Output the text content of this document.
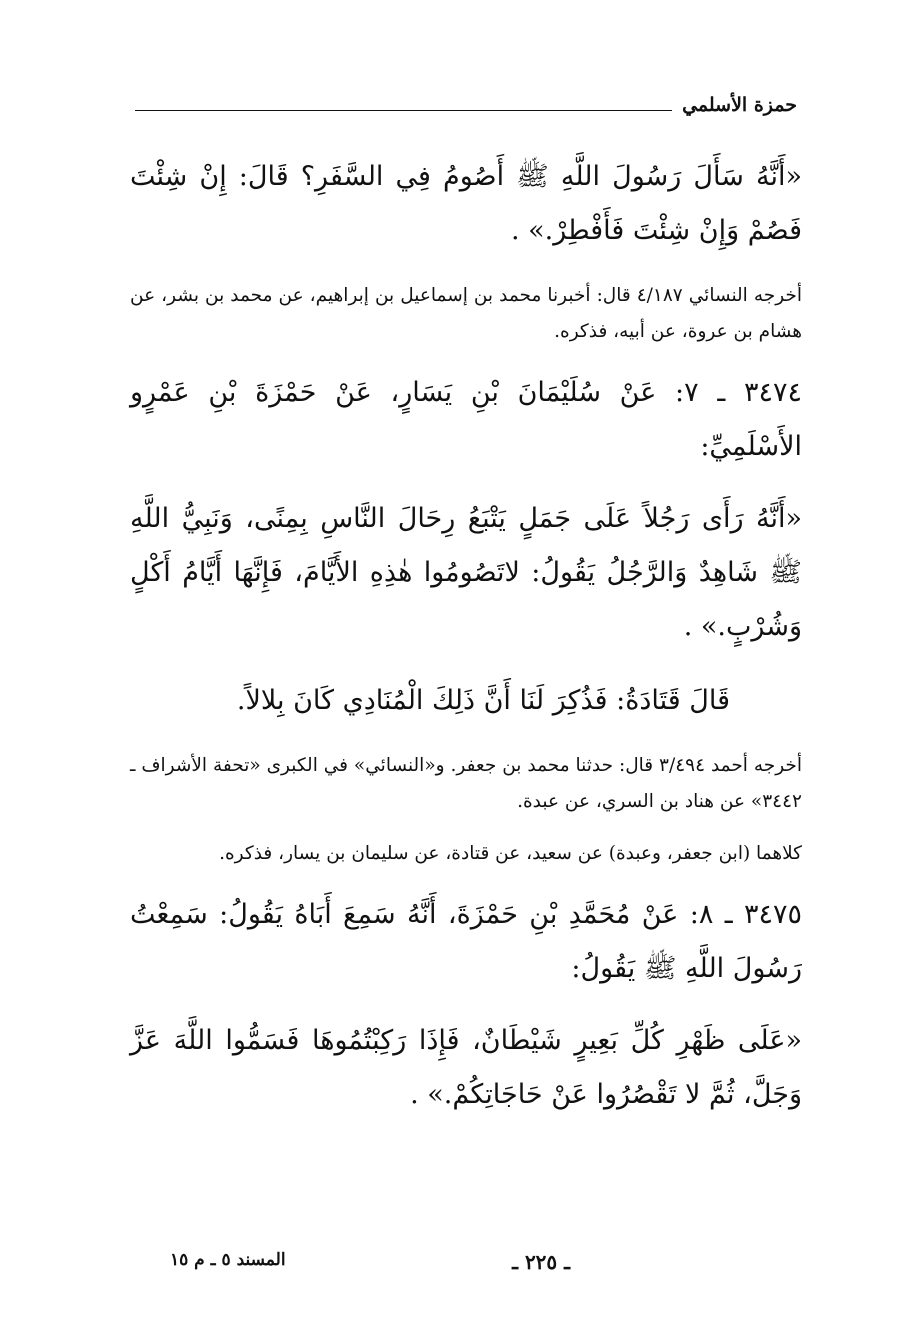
حمزة الأسلمي

«أَنَّهُ سَأَلَ رَسُولَ اللَّهِ ﷺ أَصُومُ فِي السَّفَرِ؟ قَالَ: إِنْ شِئْتَ فَصُمْ وَإِنْ شِئْتَ فَأَفْطِرْ.» .

أخرجه النسائي ٤/١٨٧ قال: أخبرنا محمد بن إسماعيل بن إبراهيم، عن محمد بن بشر، عن هشام بن عروة، عن أبيه، فذكره.

٣٤٧٤ ـ ٧: عَنْ سُلَيْمَانَ بْنِ يَسَارٍ، عَنْ حَمْزَةَ بْنِ عَمْرٍو الأَسْلَمِيِّ:

«أَنَّهُ رَأَى رَجُلاً عَلَى جَمَلٍ يَتْبَعُ رِحَالَ النَّاسِ بِمِنًى، وَنَبِيُّ اللَّهِ ﷺ شَاهِدٌ وَالرَّجُلُ يَقُولُ: لاتَصُومُوا هٰذِهِ الأَيَّامَ، فَإِنَّهَا أَيَّامُ أَكْلٍ وَشُرْبٍ.» .

قَالَ قَتَادَةُ: فَذُكِرَ لَنَا أَنَّ ذَلِكَ الْمُنَادِي كَانَ بِلالاً.

أخرجه أحمد ٣/٤٩٤ قال: حدثنا محمد بن جعفر. و«النسائي» في الكبرى «تحفة الأشراف ـ ٣٤٤٢» عن هناد بن السري، عن عبدة.

كلاهما (ابن جعفر، وعبدة) عن سعيد، عن قتادة، عن سليمان بن يسار، فذكره.

٣٤٧٥ ـ ٨: عَنْ مُحَمَّدِ بْنِ حَمْزَةَ، أَنَّهُ سَمِعَ أَبَاهُ يَقُولُ: سَمِعْتُ رَسُولَ اللَّهِ ﷺ يَقُولُ:

«عَلَى ظَهْرِ كُلِّ بَعِيرٍ شَيْطَانٌ، فَإِذَا رَكِبْتُمُوهَا فَسَمُّوا اللَّهَ عَزَّ وَجَلَّ، ثُمَّ لا تَقْصُرُوا عَنْ حَاجَاتِكُمْ.» .

ـ ٢٢٥ ـ
المسند ٥ ـ م ١٥
